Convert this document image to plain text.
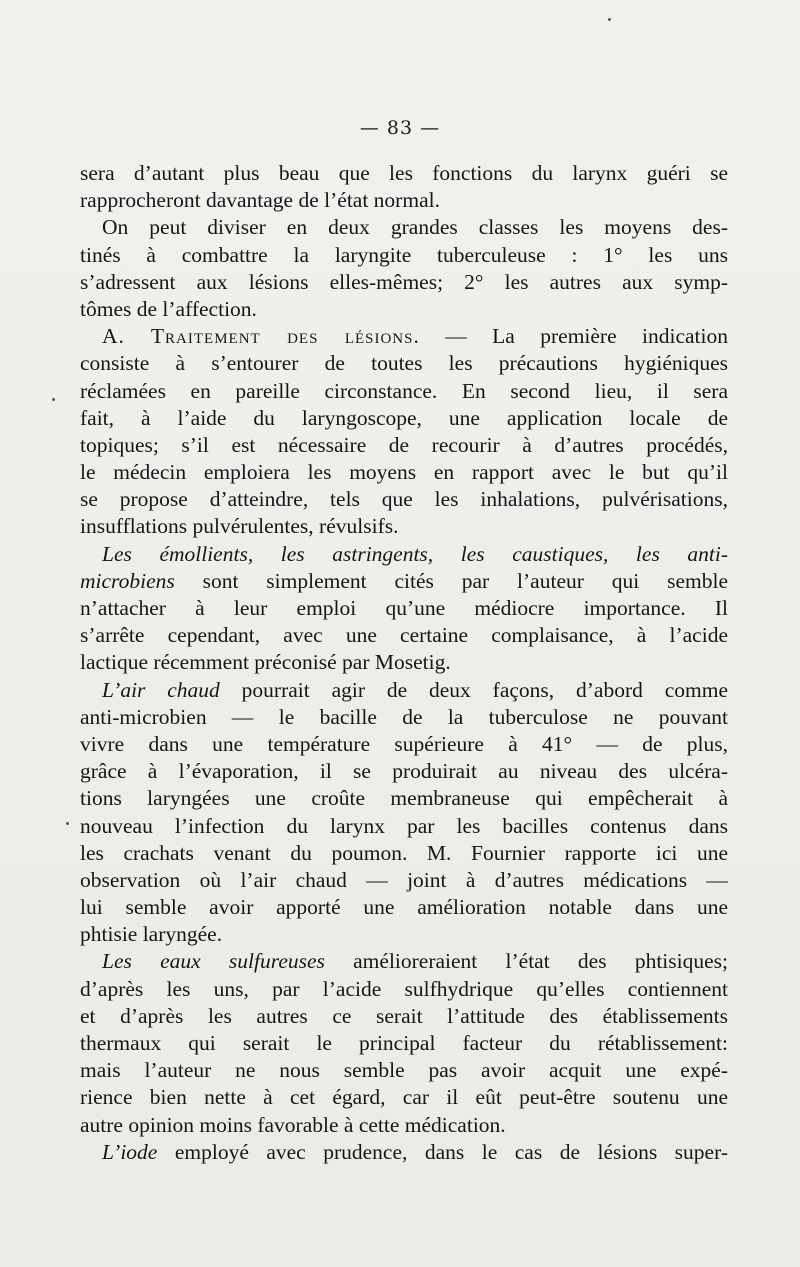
— 83 —
sera d’autant plus beau que les fonctions du larynx guéri se
rapprocheront davantage de l’état normal.
On peut diviser en deux grandes classes les moyens des-
tinés à combattre la laryngite tuberculeuse : 1° les uns
s’adressent aux lésions elles-mêmes; 2° les autres aux symp-
tômes de l’affection.
A. Traitement des lésions. — La première indication
consiste à s’entourer de toutes les précautions hygiéniques
réclamées en pareille circonstance. En second lieu, il sera
fait, à l’aide du laryngoscope, une application locale de
topiques; s’il est nécessaire de recourir à d’autres procédés,
le médecin emploiera les moyens en rapport avec le but qu’il
se propose d’atteindre, tels que les inhalations, pulvérisations,
insufflations pulvérulentes, révulsifs.
Les émollients, les astringents, les caustiques, les anti-
microbiens sont simplement cités par l’auteur qui semble
n’attacher à leur emploi qu’une médiocre importance. Il
s’arrête cependant, avec une certaine complaisance, à l’acide
lactique récemment préconisé par Mosetig.
L’air chaud pourrait agir de deux façons, d’abord comme
anti-microbien — le bacille de la tuberculose ne pouvant
vivre dans une température supérieure à 41° — de plus,
grâce à l’évaporation, il se produirait au niveau des ulcéra-
tions laryngées une croûte membraneuse qui empêcherait à
nouveau l’infection du larynx par les bacilles contenus dans
les crachats venant du poumon. M. Fournier rapporte ici une
observation où l’air chaud — joint à d’autres médications —
lui semble avoir apporté une amélioration notable dans une
phtisie laryngée.
Les eaux sulfureuses amélioreraient l’état des phtisiques;
d’après les uns, par l’acide sulfhydrique qu’elles contiennent
et d’après les autres ce serait l’attitude des établissements
thermaux qui serait le principal facteur du rétablissement:
mais l’auteur ne nous semble pas avoir acquit une expé-
rience bien nette à cet égard, car il eût peut-être soutenu une
autre opinion moins favorable à cette médication.
L’iode employé avec prudence, dans le cas de lésions super-
